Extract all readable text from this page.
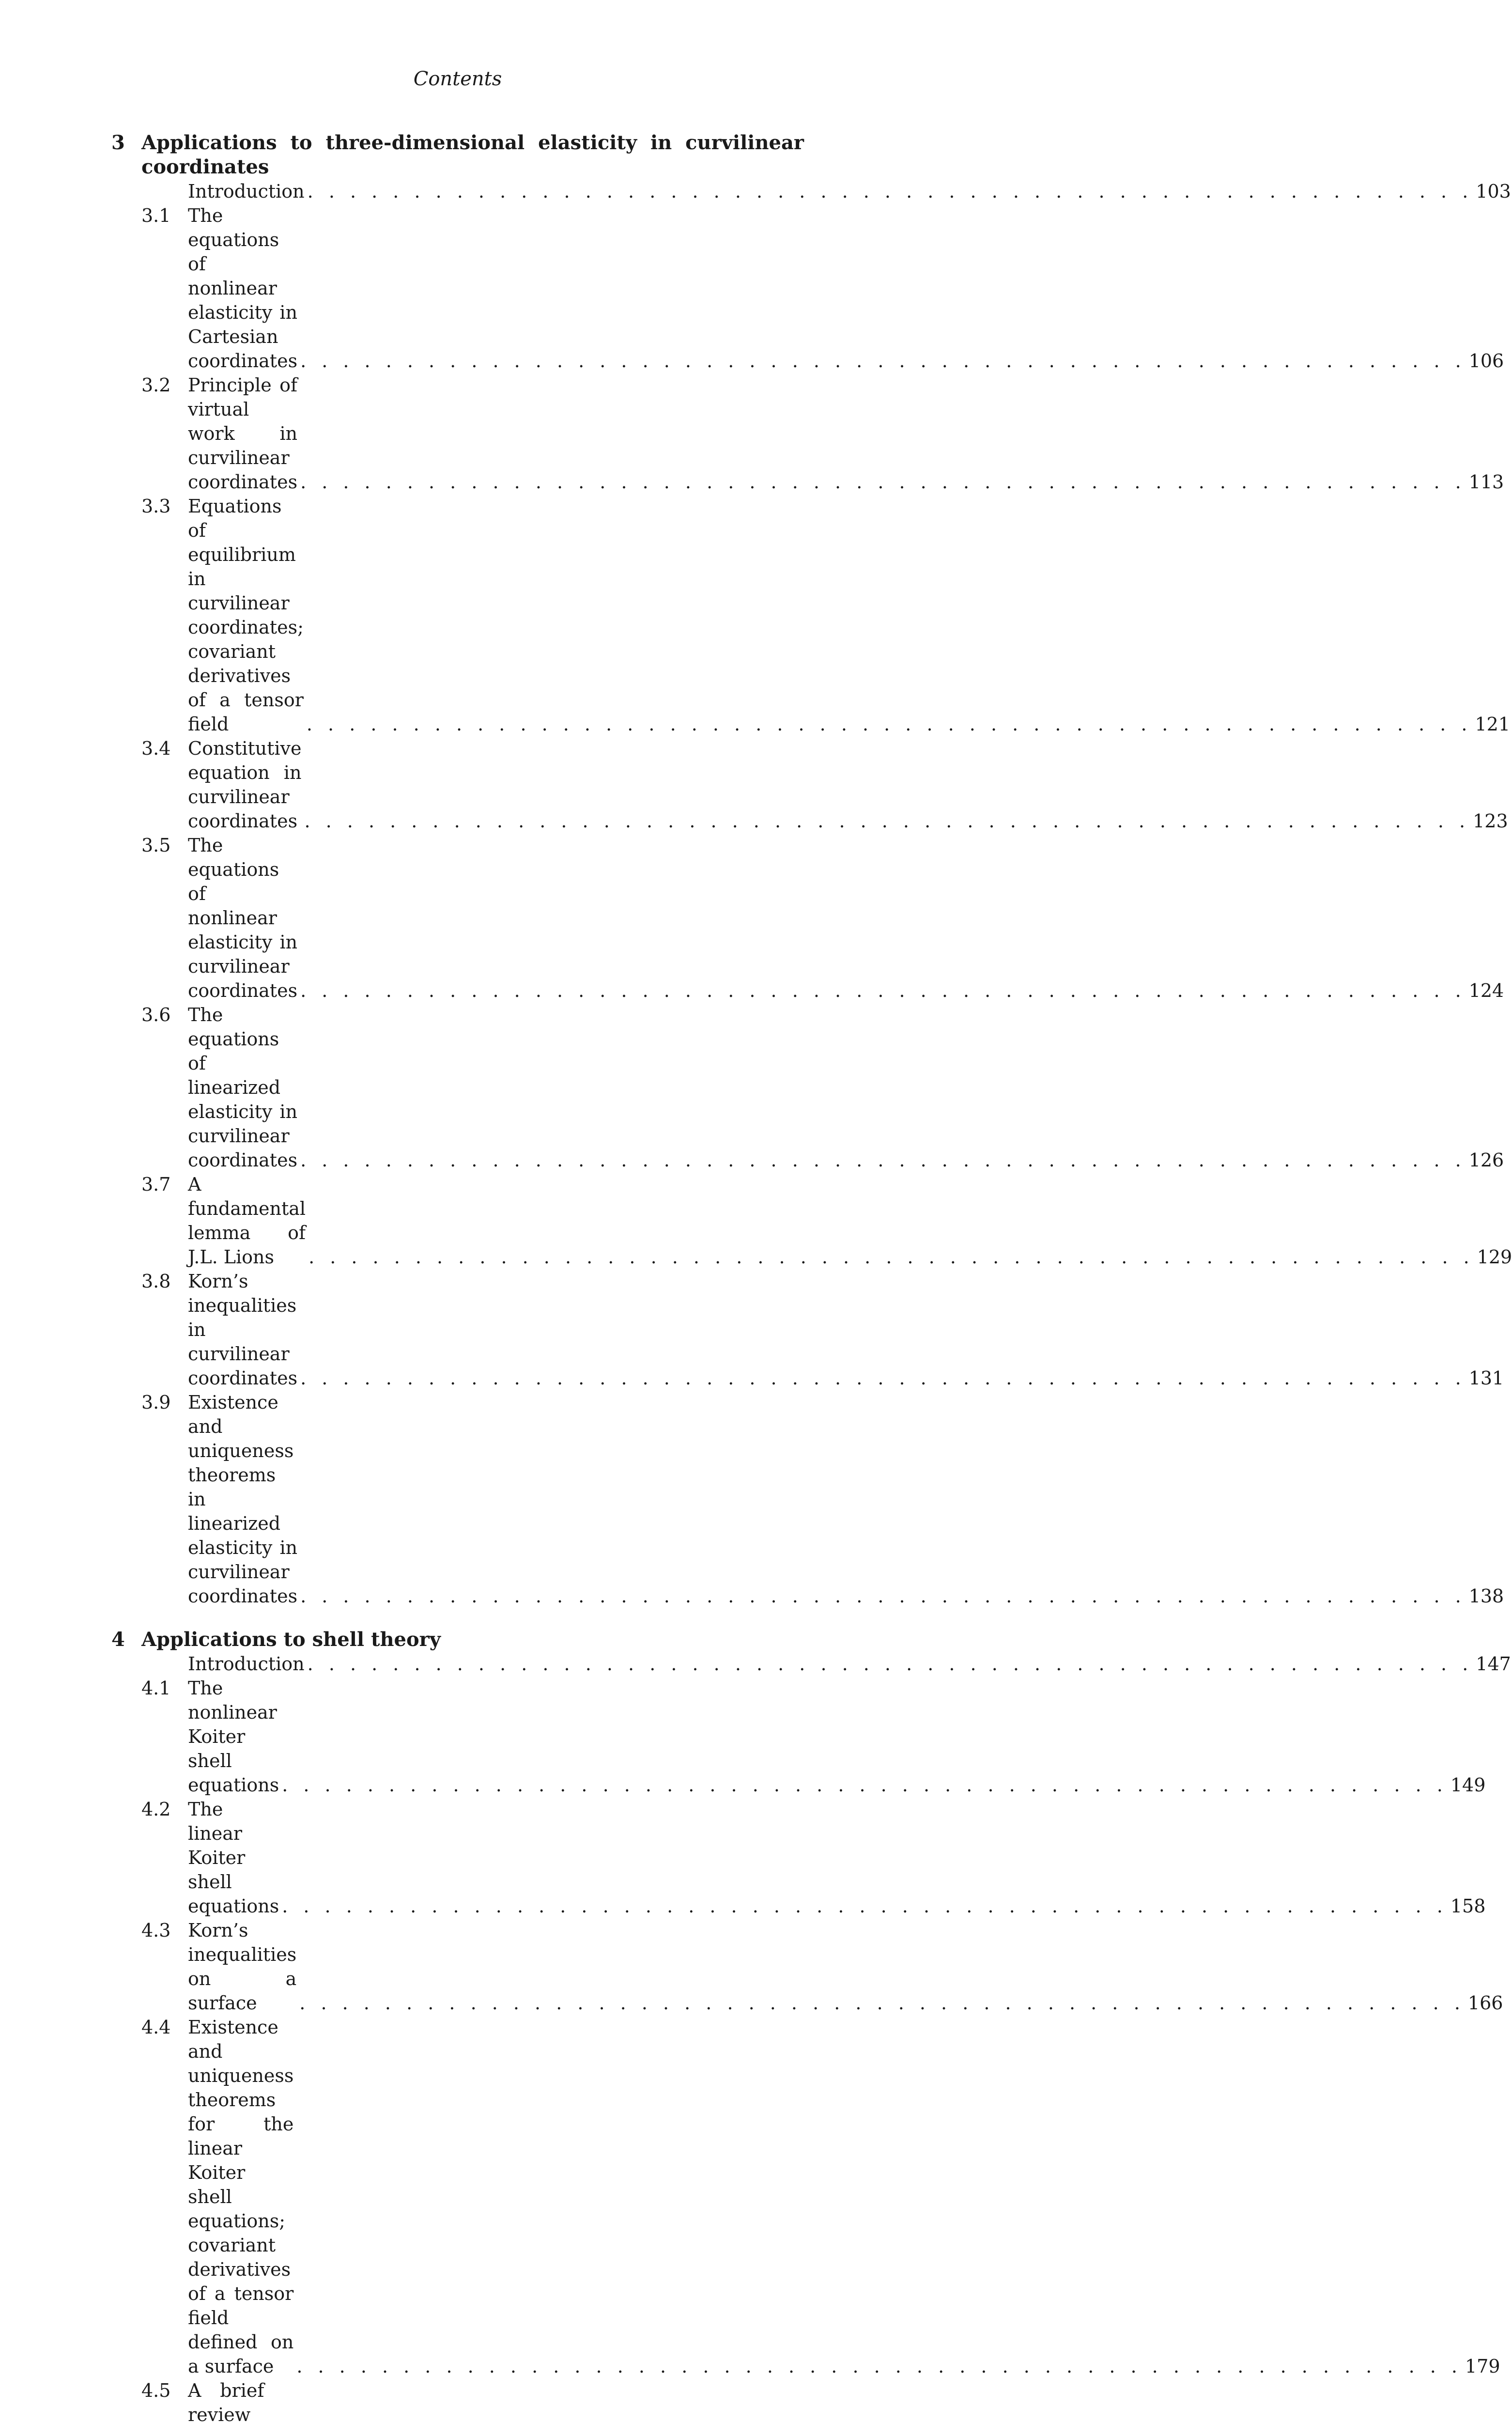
Contents
3 Applications to three-dimensional elasticity in curvilinear coordinates
Introduction . . . . . . . . . . . . . . . . . . . . . . . . . . . . . . . . . . . . . . . . . . . . . . . . . . . . . . . 103
3.1 The equations of nonlinear elasticity in Cartesian coordinates . . . . . . . . . . . . . . . . . . . . . . . . . . . . . . . . . . . . . . . . . . . . . . . . . . . . . . . 106
3.2 Principle of virtual work in curvilinear coordinates . . . . . . . . . . . . . . . . . . . . . . . . . . . . . . . . . . . . . . . . . . . . . . . . . . . . . . . 113
3.3 Equations of equilibrium in curvilinear coordinates; covariant derivatives of a tensor field	. . . . . . . . . . . . . . . . . . . . . . . . . . . . . . . . . . . . . . . . . . . . . . . . . . . . . . . 121
3.4 Constitutive equation in curvilinear coordinates . . . . . . . . . . . . . . . . . . . . . . . . . . . . . . . . . . . . . . . . . . . . . . . . . . . . . . . 123
3.5 The equations of nonlinear elasticity in curvilinear coordinates . . . . . . . . . . . . . . . . . . . . . . . . . . . . . . . . . . . . . . . . . . . . . . . . . . . . . . . 124
3.6 The equations of linearized elasticity in curvilinear coordinates . . . . . . . . . . . . . . . . . . . . . . . . . . . . . . . . . . . . . . . . . . . . . . . . . . . . . . . 126
3.7 A fundamental lemma of J.L. Lions	. . . . . . . . . . . . . . . . . . . . . . . . . . . . . . . . . . . . . . . . . . . . . . . . . . . . . . . 129
3.8 Korn’s inequalities in curvilinear coordinates . . . . . . . . . . . . . . . . . . . . . . . . . . . . . . . . . . . . . . . . . . . . . . . . . . . . . . . 131
3.9 Existence and uniqueness theorems in linearized elasticity in curvilinear coordinates . . . . . . . . . . . . . . . . . . . . . . . . . . . . . . . . . . . . . . . . . . . . . . . . . . . . . . . 138
4 Applications to shell theory
Introduction . . . . . . . . . . . . . . . . . . . . . . . . . . . . . . . . . . . . . . . . . . . . . . . . . . . . . . . 147
4.1 The nonlinear Koiter shell equations . . . . . . . . . . . . . . . . . . . . . . . . . . . . . . . . . . . . . . . . . . . . . . . . . . . . . . . 149
4.2 The linear Koiter shell equations . . . . . . . . . . . . . . . . . . . . . . . . . . . . . . . . . . . . . . . . . . . . . . . . . . . . . . . 158
4.3 Korn’s inequalities on a surface	. . . . . . . . . . . . . . . . . . . . . . . . . . . . . . . . . . . . . . . . . . . . . . . . . . . . . . . 166
4.4 Existence and uniqueness theorems for the linear Koiter shell equations; covariant derivatives of a tensor field defined on a surface	. . . . . . . . . . . . . . . . . . . . . . . . . . . . . . . . . . . . . . . . . . . . . . . . . . . . . . . 179
4.5 A brief review
